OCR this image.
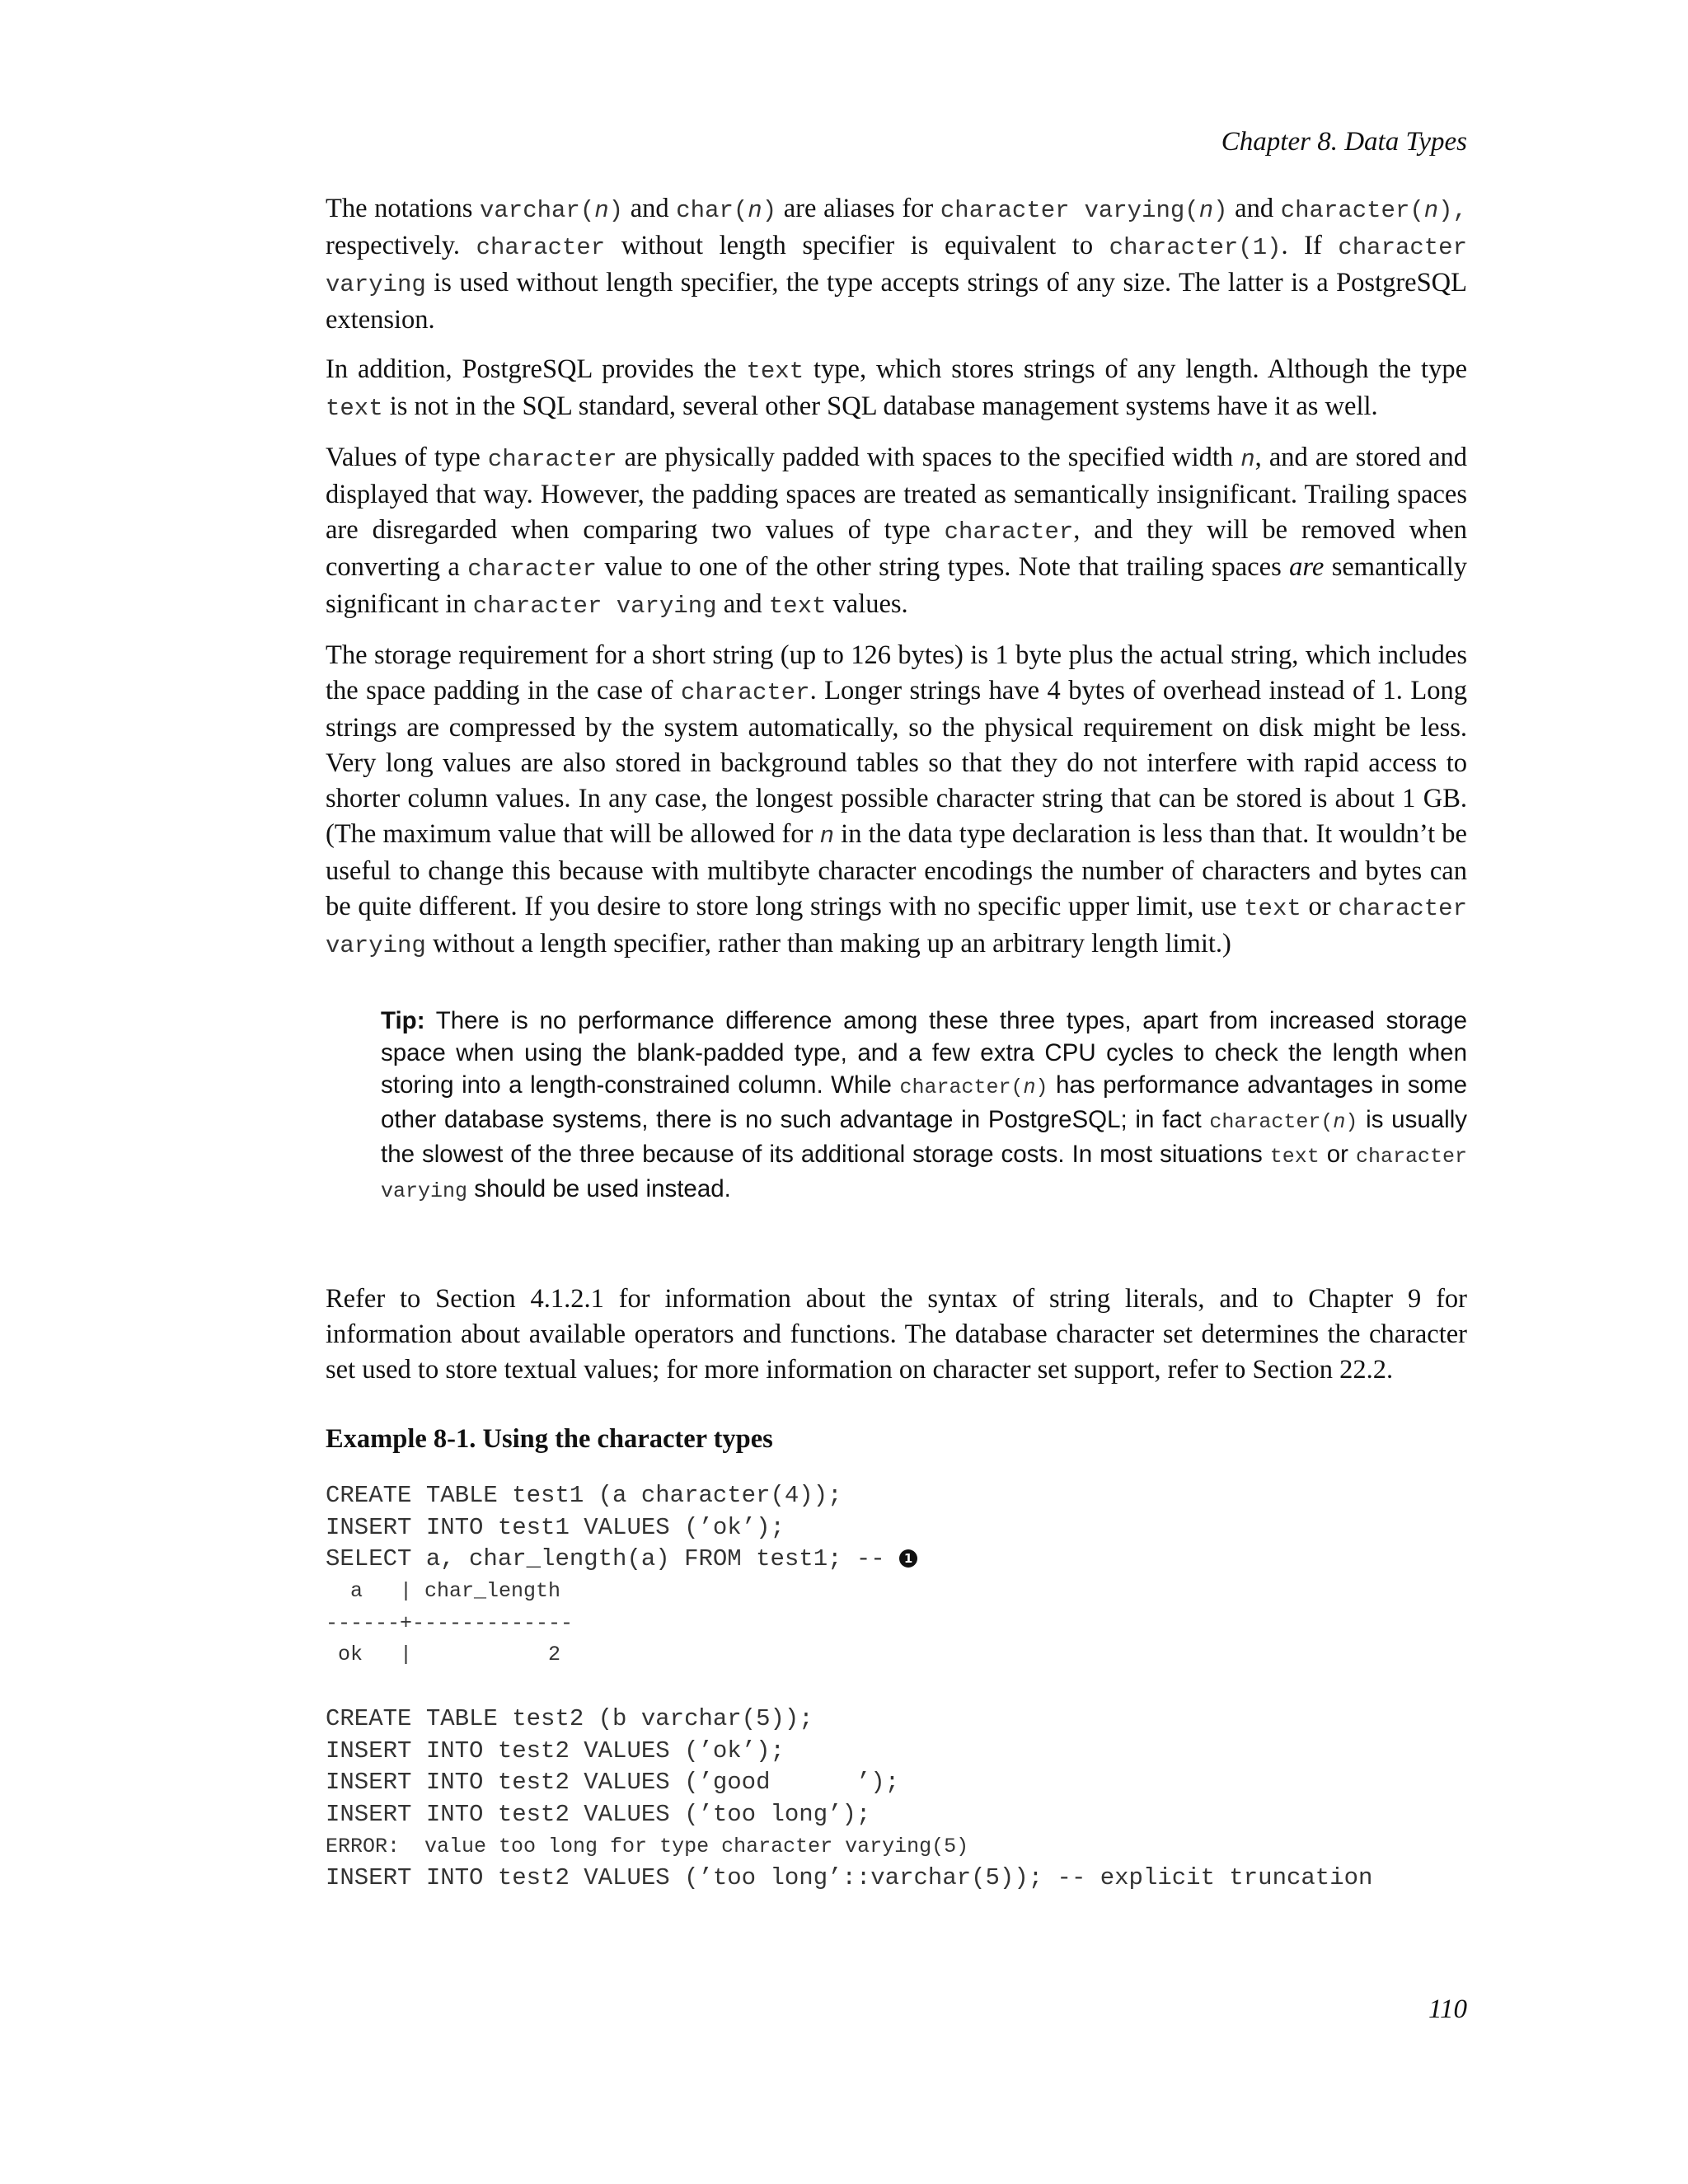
Chapter 8. Data Types

The notations varchar(n) and char(n) are aliases for character varying(n) and character(n), respectively. character without length specifier is equivalent to character(1). If character varying is used without length specifier, the type accepts strings of any size. The latter is a PostgreSQL extension.

In addition, PostgreSQL provides the text type, which stores strings of any length. Although the type text is not in the SQL standard, several other SQL database management systems have it as well.

Values of type character are physically padded with spaces to the specified width n, and are stored and displayed that way. However, the padding spaces are treated as semantically insignificant. Trailing spaces are disregarded when comparing two values of type character, and they will be removed when converting a character value to one of the other string types. Note that trailing spaces are semantically significant in character varying and text values.

The storage requirement for a short string (up to 126 bytes) is 1 byte plus the actual string, which includes the space padding in the case of character. Longer strings have 4 bytes of overhead instead of 1. Long strings are compressed by the system automatically, so the physical requirement on disk might be less. Very long values are also stored in background tables so that they do not interfere with rapid access to shorter column values. In any case, the longest possible character string that can be stored is about 1 GB. (The maximum value that will be allowed for n in the data type declaration is less than that. It wouldn’t be useful to change this because with multibyte character encodings the number of characters and bytes can be quite different. If you desire to store long strings with no specific upper limit, use text or character varying without a length specifier, rather than making up an arbitrary length limit.)

Tip: There is no performance difference among these three types, apart from increased storage space when using the blank-padded type, and a few extra CPU cycles to check the length when storing into a length-constrained column. While character(n) has performance advantages in some other database systems, there is no such advantage in PostgreSQL; in fact character(n) is usually the slowest of the three because of its additional storage costs. In most situations text or character varying should be used instead.

Refer to Section 4.1.2.1 for information about the syntax of string literals, and to Chapter 9 for information about available operators and functions. The database character set determines the character set used to store textual values; for more information on character set support, refer to Section 22.2.

Example 8-1. Using the character types
CREATE TABLE test1 (a character(4));
INSERT INTO test1 VALUES (’ok’);
SELECT a, char_length(a) FROM test1; -- 1
a   | char_length
------+-------------
ok   |           2
CREATE TABLE test2 (b varchar(5));
INSERT INTO test2 VALUES (’ok’);
INSERT INTO test2 VALUES (’good      ’);
INSERT INTO test2 VALUES (’too long’);
ERROR:  value too long for type character varying(5)
INSERT INTO test2 VALUES (’too long’::varchar(5)); -- explicit truncation
110
